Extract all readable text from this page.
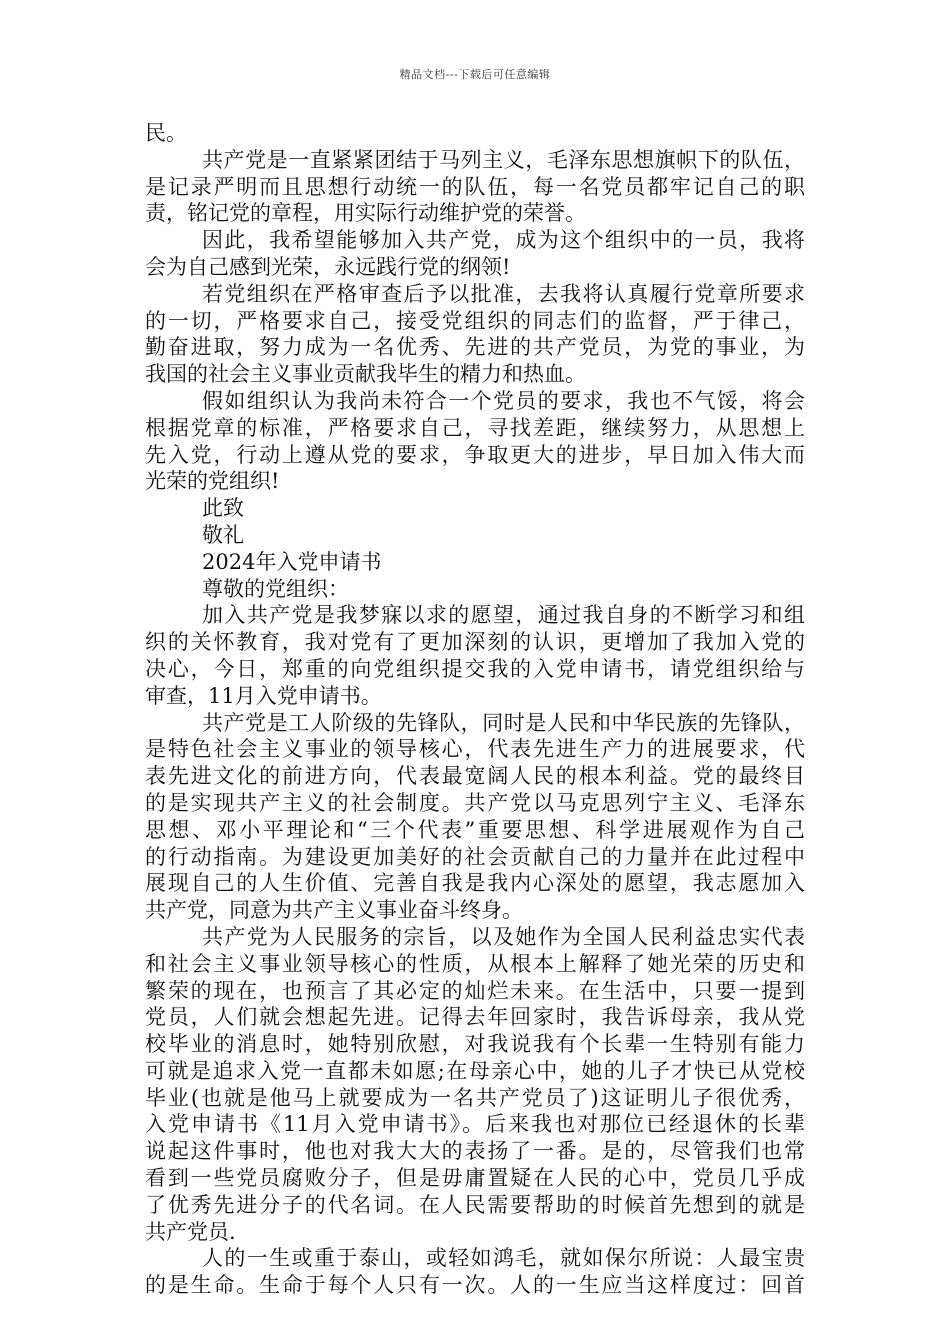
精品文档---下载后可任意编辑
民。
共产党是一直紧紧团结于马列主义，毛泽东思想旗帜下的队伍，
是记录严明而且思想行动统一的队伍，每一名党员都牢记自己的职
责，铭记党的章程，用实际行动维护党的荣誉。
因此，我希望能够加入共产党，成为这个组织中的一员，我将
会为自己感到光荣，永远践行党的纲领!
若党组织在严格审查后予以批准，去我将认真履行党章所要求
的一切，严格要求自己，接受党组织的同志们的监督，严于律己，
勤奋进取，努力成为一名优秀、先进的共产党员，为党的事业，为
我国的社会主义事业贡献我毕生的精力和热血。
假如组织认为我尚未符合一个党员的要求，我也不气馁，将会
根据党章的标准，严格要求自己，寻找差距，继续努力，从思想上
先入党，行动上遵从党的要求，争取更大的进步，早日加入伟大而
光荣的党组织!
此致
敬礼
2024年入党申请书
尊敬的党组织：
加入共产党是我梦寐以求的愿望，通过我自身的不断学习和组
织的关怀教育，我对党有了更加深刻的认识，更增加了我加入党的
决心，今日，郑重的向党组织提交我的入党申请书，请党组织给与
审查，11月入党申请书。
共产党是工人阶级的先锋队，同时是人民和中华民族的先锋队，
是特色社会主义事业的领导核心，代表先进生产力的进展要求，代
表先进文化的前进方向，代表最宽阔人民的根本利益。党的最终目
的是实现共产主义的社会制度。共产党以马克思列宁主义、毛泽东
思想、邓小平理论和“三个代表”重要思想、科学进展观作为自己
的行动指南。为建设更加美好的社会贡献自己的力量并在此过程中
展现自己的人生价值、完善自我是我内心深处的愿望，我志愿加入
共产党，同意为共产主义事业奋斗终身。
共产党为人民服务的宗旨，以及她作为全国人民利益忠实代表
和社会主义事业领导核心的性质，从根本上解释了她光荣的历史和
繁荣的现在，也预言了其必定的灿烂未来。在生活中，只要一提到
党员，人们就会想起先进。记得去年回家时，我告诉母亲，我从党
校毕业的消息时，她特别欣慰，对我说我有个长辈一生特别有能力
可就是追求入党一直都未如愿;在母亲心中，她的儿子才快已从党校
毕业(也就是他马上就要成为一名共产党员了)这证明儿子很优秀，
入党申请书《11月入党申请书》。后来我也对那位已经退休的长辈
说起这件事时，他也对我大大的表扬了一番。是的，尽管我们也常
看到一些党员腐败分子，但是毋庸置疑在人民的心中，党员几乎成
了优秀先进分子的代名词。在人民需要帮助的时候首先想到的就是
共产党员.
人的一生或重于泰山，或轻如鸿毛，就如保尔所说：人最宝贵
的是生命。生命于每个人只有一次。人的一生应当这样度过：回首
